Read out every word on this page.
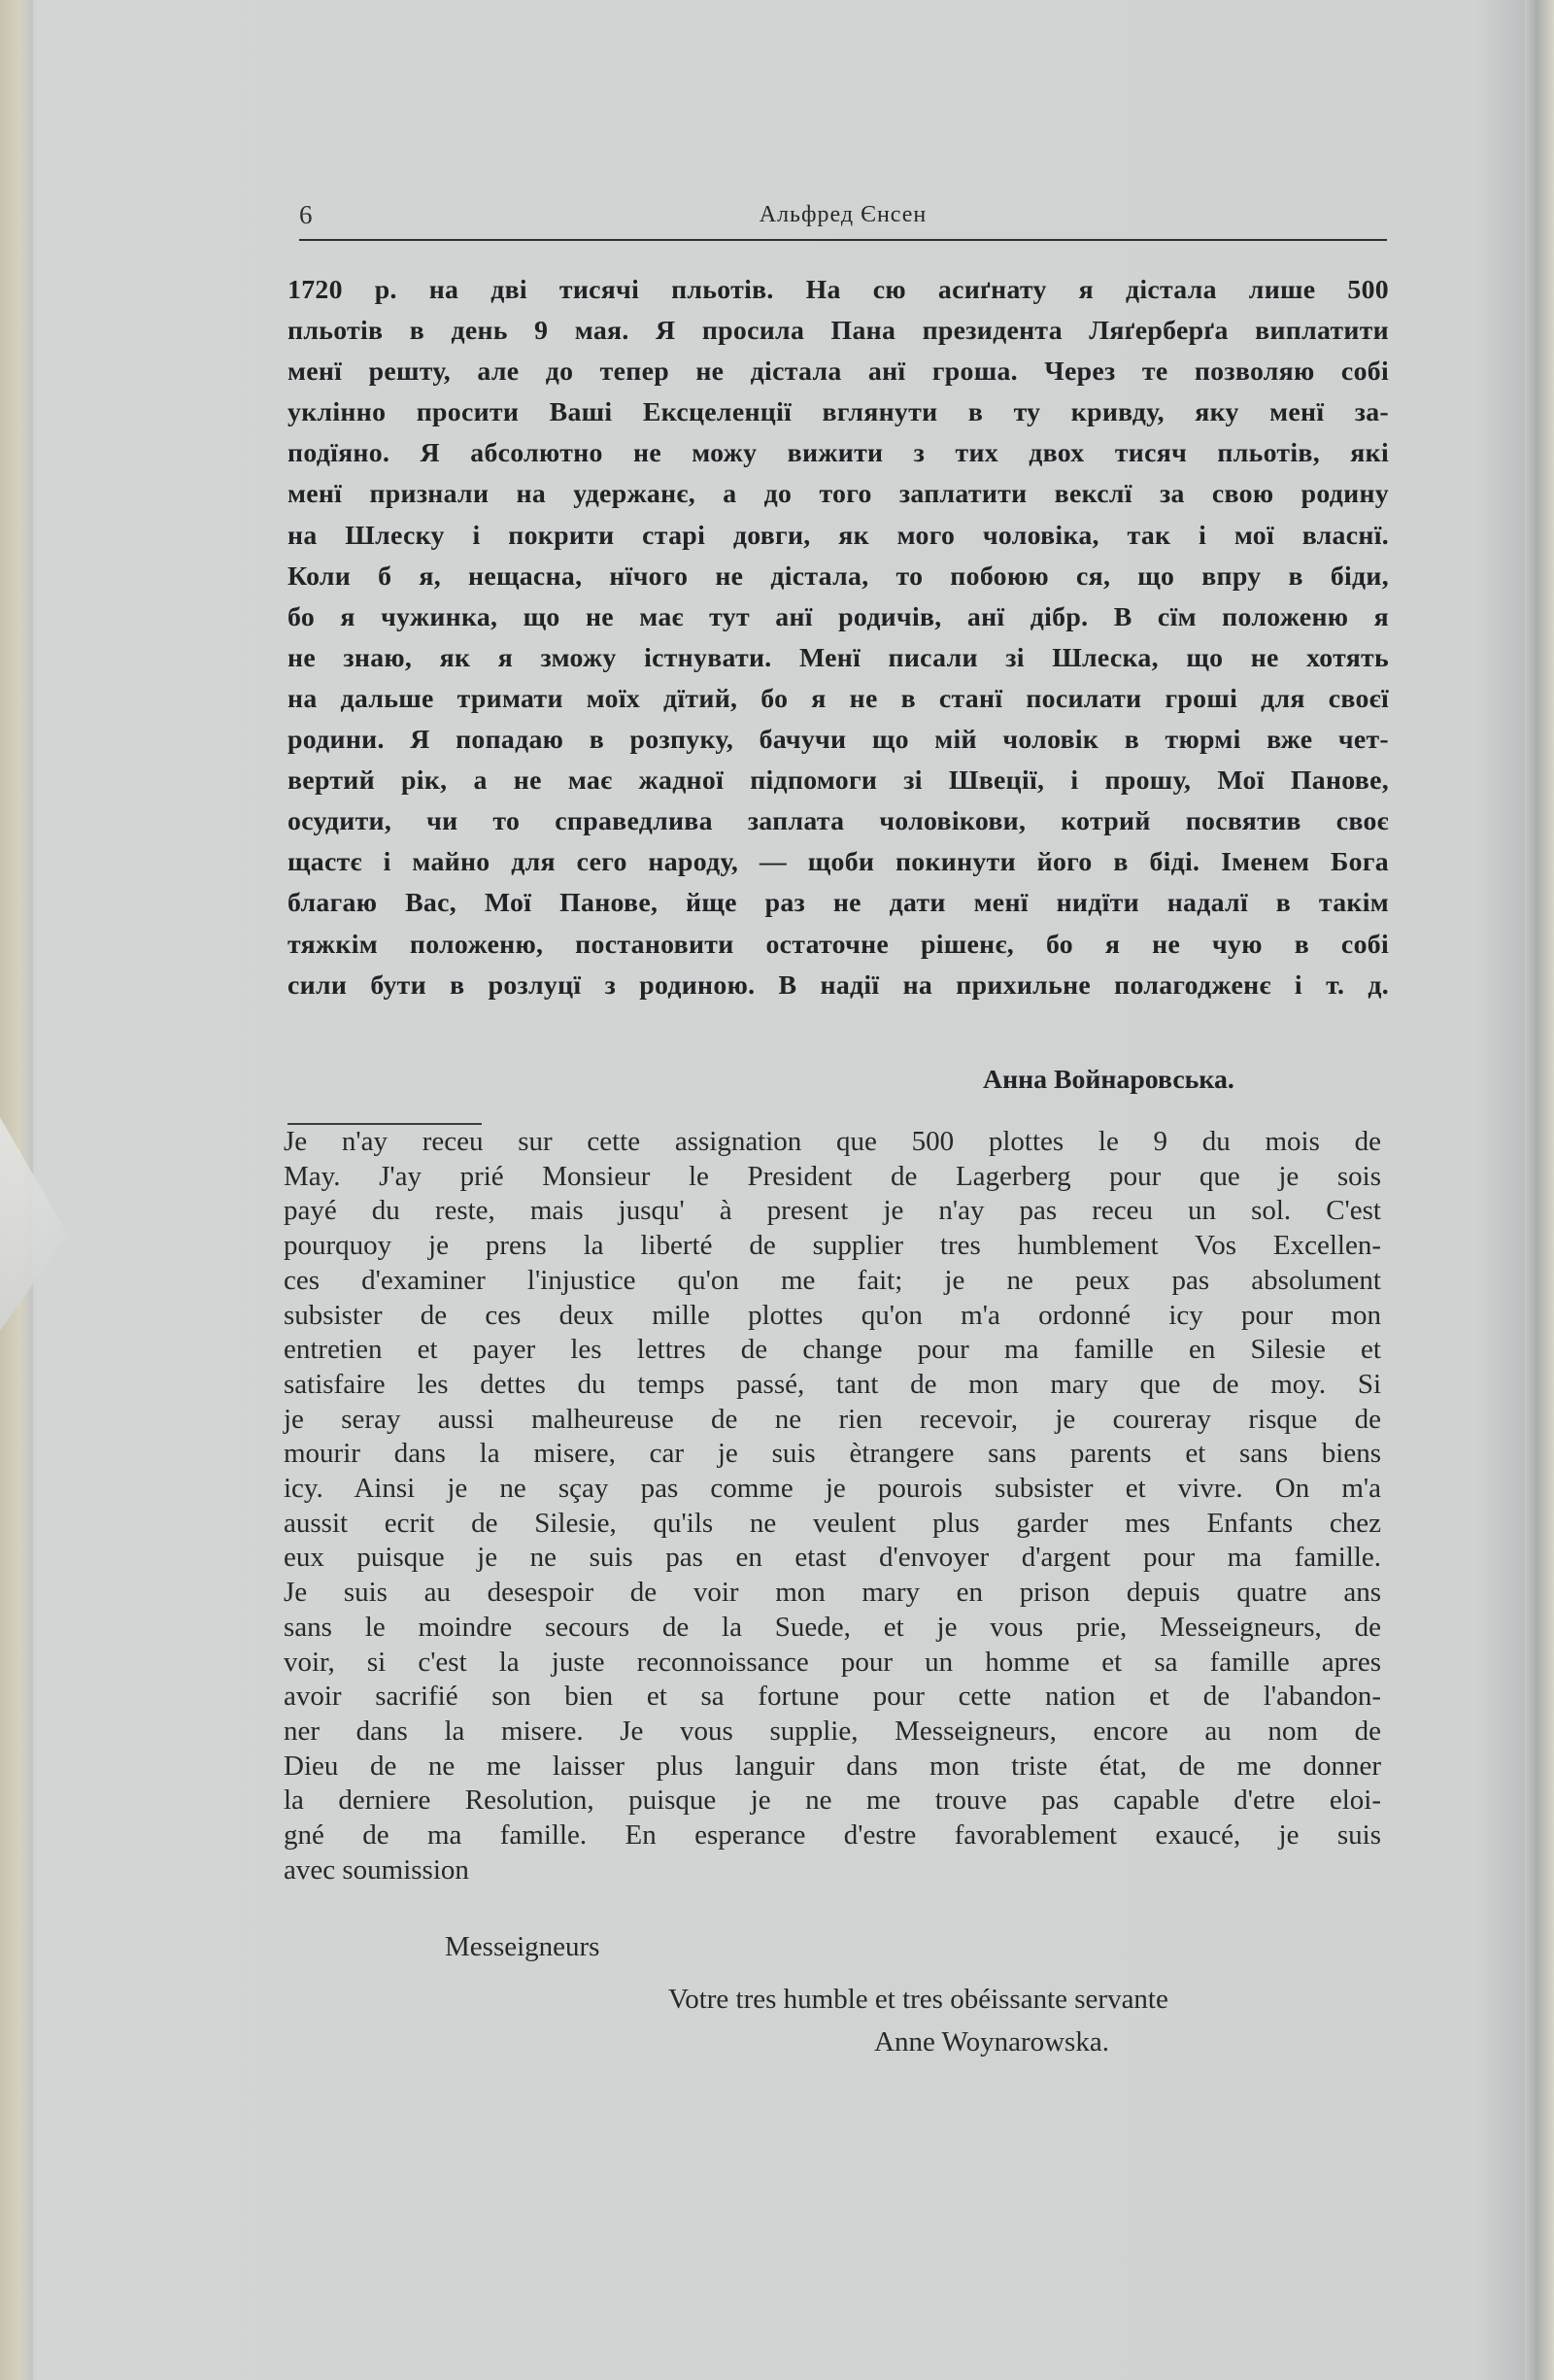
6	Альфред Єнсен
1720 р. на дві тисячі пльотів. На сю асиґнату я дістала лише 500
пльотів в день 9 мая. Я просила Пана президента Ляґерберґа виплатити
менї решту, але до тепер не дістала анї гроша. Через те позволяю собі
уклінно просити Ваші Ексцеленції вглянути в ту кривду, яку менї за-
подїяно. Я абсолютно не можу вижити з тих двох тисяч пльотів, які
менї признали на удержанє, а до того заплатити векслї за свою родину
на Шлеску і покрити старі довги, як мого чоловіка, так і моï власнї.
Коли б я, нещасна, нїчого не дістала, то побоюю ся, що впру в біди,
бо я чужинка, що не має тут анї родичів, анї дібр. В сїм положеню я
не знаю, як я зможу істнувати. Менї писали зі Шлеска, що не хотять
на дальше тримати моїх дїтий, бо я не в станї посилати гроші для своєї
родини. Я попадаю в розпуку, бачучи що мій чоловік в тюрмі вже чет-
вертий рік, а не має жадної підпомоги зі Швеції, і прошу, Мої Панове,
осудити, чи то справедлива заплата чоловікови, котрий посвятив своє
щастє і майно для сего народу, — щоби покинути його в біді. Іменем Бога
благаю Вас, Мої Панове, йще раз не дати менї нидїти надалї в такім
тяжкім положеню, постановити остаточне рішенє, бо я не чую в собі
сили бути в розлуцї з родиною. В надії на прихильне полагодженє і т. д.
Анна Войнаровська.
Je n'ay receu sur cette assignation que 500 plottes le 9 du mois de
May. J'ay prié Monsieur le President de Lagerberg pour que je sois
payé du reste, mais jusqu' à present je n'ay pas receu un sol. C'est
pourquoy je prens la liberté de supplier tres humblement Vos Excellen-
ces d'examiner l'injustice qu'on me fait; je ne peux pas absolument
subsister de ces deux mille plottes qu'on m'a ordonné icy pour mon
entretien et payer les lettres de change pour ma famille en Silesie et
satisfaire les dettes du temps passé, tant de mon mary que de moy. Si
je seray aussi malheureuse de ne rien recevoir, je coureray risque de
mourir dans la misere, car je suis ètrangere sans parents et sans biens
icy. Ainsi je ne sçay pas comme je pourois subsister et vivre. On m'a
aussit ecrit de Silesie, qu'ils ne veulent plus garder mes Enfants chez
eux puisque je ne suis pas en etast d'envoyer d'argent pour ma famille.
Je suis au desespoir de voir mon mary en prison depuis quatre ans
sans le moindre secours de la Suede, et je vous prie, Messeigneurs, de
voir, si c'est la juste reconnoissance pour un homme et sa famille apres
avoir sacrifié son bien et sa fortune pour cette nation et de l'abandon-
ner dans la misere. Je vous supplie, Messeigneurs, encore au nom de
Dieu de ne me laisser plus languir dans mon triste état, de me donner
la derniere Resolution, puisque je ne me trouve pas capable d'etre eloi-
gné de ma famille. En esperance d'estre favorablement exaucé, je suis
avec soumission
Messeigneurs
Votre tres humble et tres obéissante servante
Anne Woynarowska.
